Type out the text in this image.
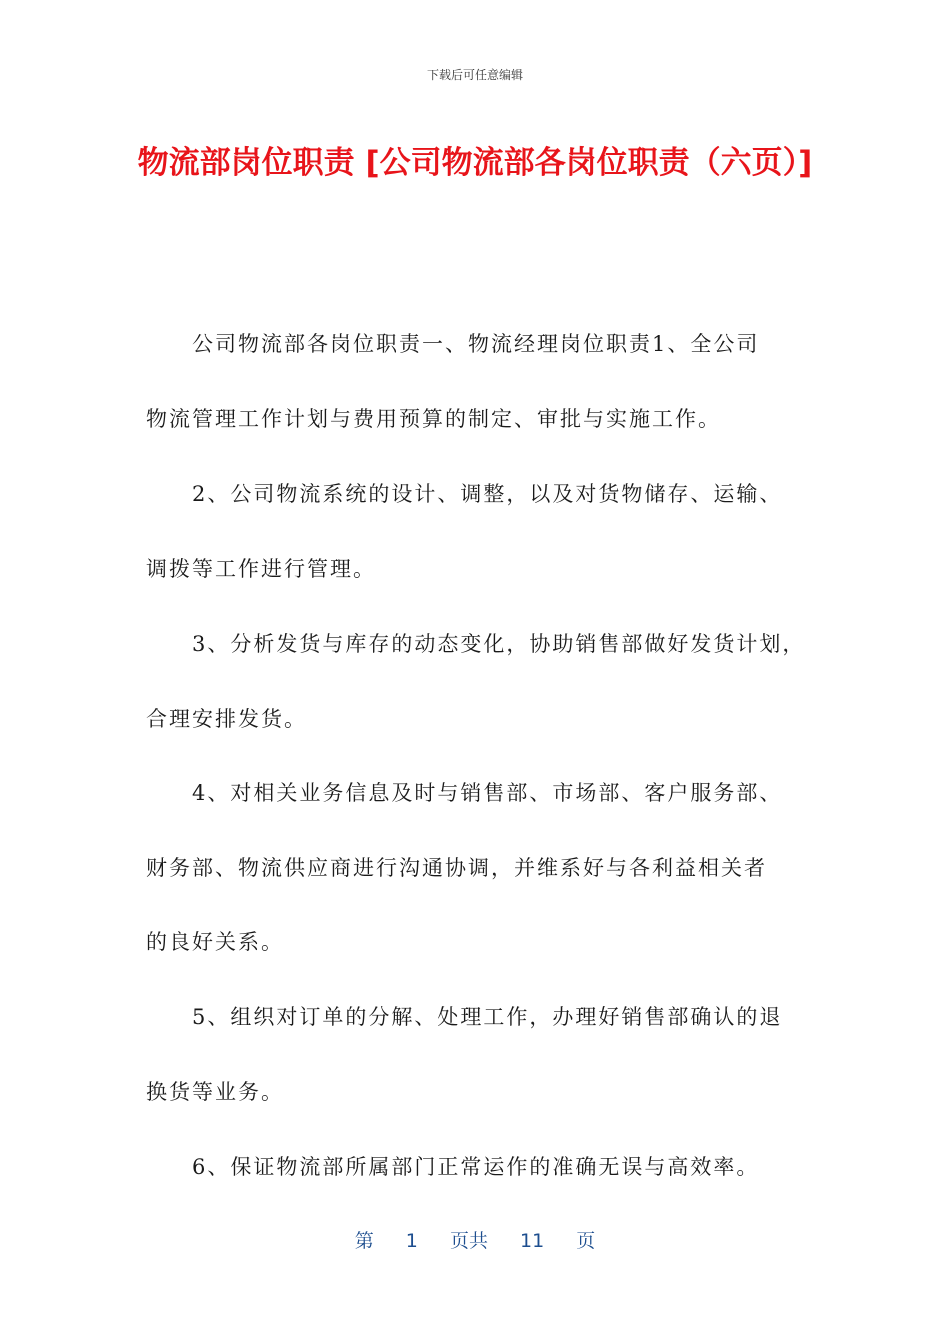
下载后可任意编辑
物流部岗位职责 [公司物流部各岗位职责（六页）]

公司物流部各岗位职责一、物流经理岗位职责1、全公司

物流管理工作计划与费用预算的制定、审批与实施工作。

2、公司物流系统的设计、调整，以及对货物储存、运输、

调拨等工作进行管理。

3、分析发货与库存的动态变化，协助销售部做好发货计划，

合理安排发货。

4、对相关业务信息及时与销售部、市场部、客户服务部、

财务部、物流供应商进行沟通协调，并维系好与各利益相关者

的良好关系。

5、组织对订单的分解、处理工作，办理好销售部确认的退

换货等业务。

6、保证物流部所属部门正常运作的准确无误与高效率。

第 1 页共 11 页
